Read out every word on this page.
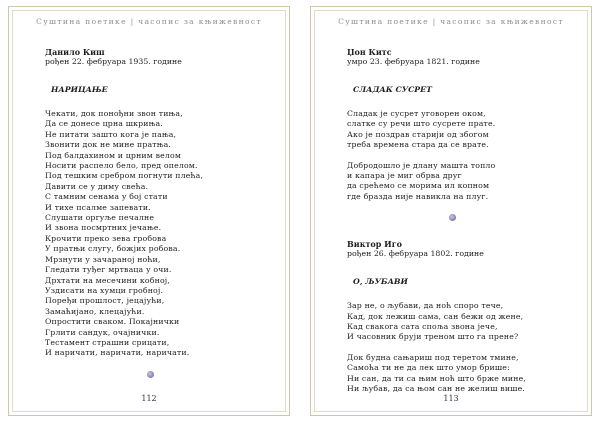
Суштина поетике | часопис за књижевност
Данило Киш
рођен 22. фебруара 1935. године
НАРИЦАЊЕ
Чекати, док понођни звон тиња,
Да се донесе црна шкриња.
Не питати зашто кога је пања,
Звонити док не мине пратња.
Под балдахином и црним велом
Носити распело бело, пред опелом.
Под тешким сребром погнути плећа,
Давити се у диму свећа.
С тамним сенама у бој стати
И тихе псалме запевати.
Слушати оргуље печалне
И звона посмртних јечање.
Крочити преко зева гробова
У пратњи слугу, божјих робова.
Мрзнути у зачараној ноћи,
Гледати туђег мртваца у очи.
Дрхтати на месечини кобној,
Уздисати на хумци гробној.
Поређи прошлост, јецајући,
Замаћијано, клецајући.
Опростити сваком. Покајнички
Грлити сандук, очајнички.
Тестамент страшни срицати,
И наричати, наричати, наричати.
112
Суштина поетике | часопис за књижевност
Џон Китс
умро 23. фебруара 1821. године
СЛАДАК СУСРЕТ
Сладак је сусрет уговорен оком,
слатке су речи што сусрете прате.
Ако је поздрав старији од збогом
треба времена стара да се врате.
Добродошло је длану машта топло
и капара је миг обрва друг
да срећемо се морима ил копном
где бразда није навикла на плуг.
Виктор Иго
рођен 26. фебруара 1802. године
О, ЉУБАВИ
Зар не, о љубави, да ноћ споро тече,
Кад, док лежиш сама, сан бежи од жене,
Кад свакога сата споља звона јече,
И часовник бруји треном што га прене?
Док будна сањариш под теретом тмине,
Самоћа ти не да лек што умор брише:
Ни сан, да ти са њим ноћ што брже мине,
Ни љубав, да са њом сан не желиш више.
113
